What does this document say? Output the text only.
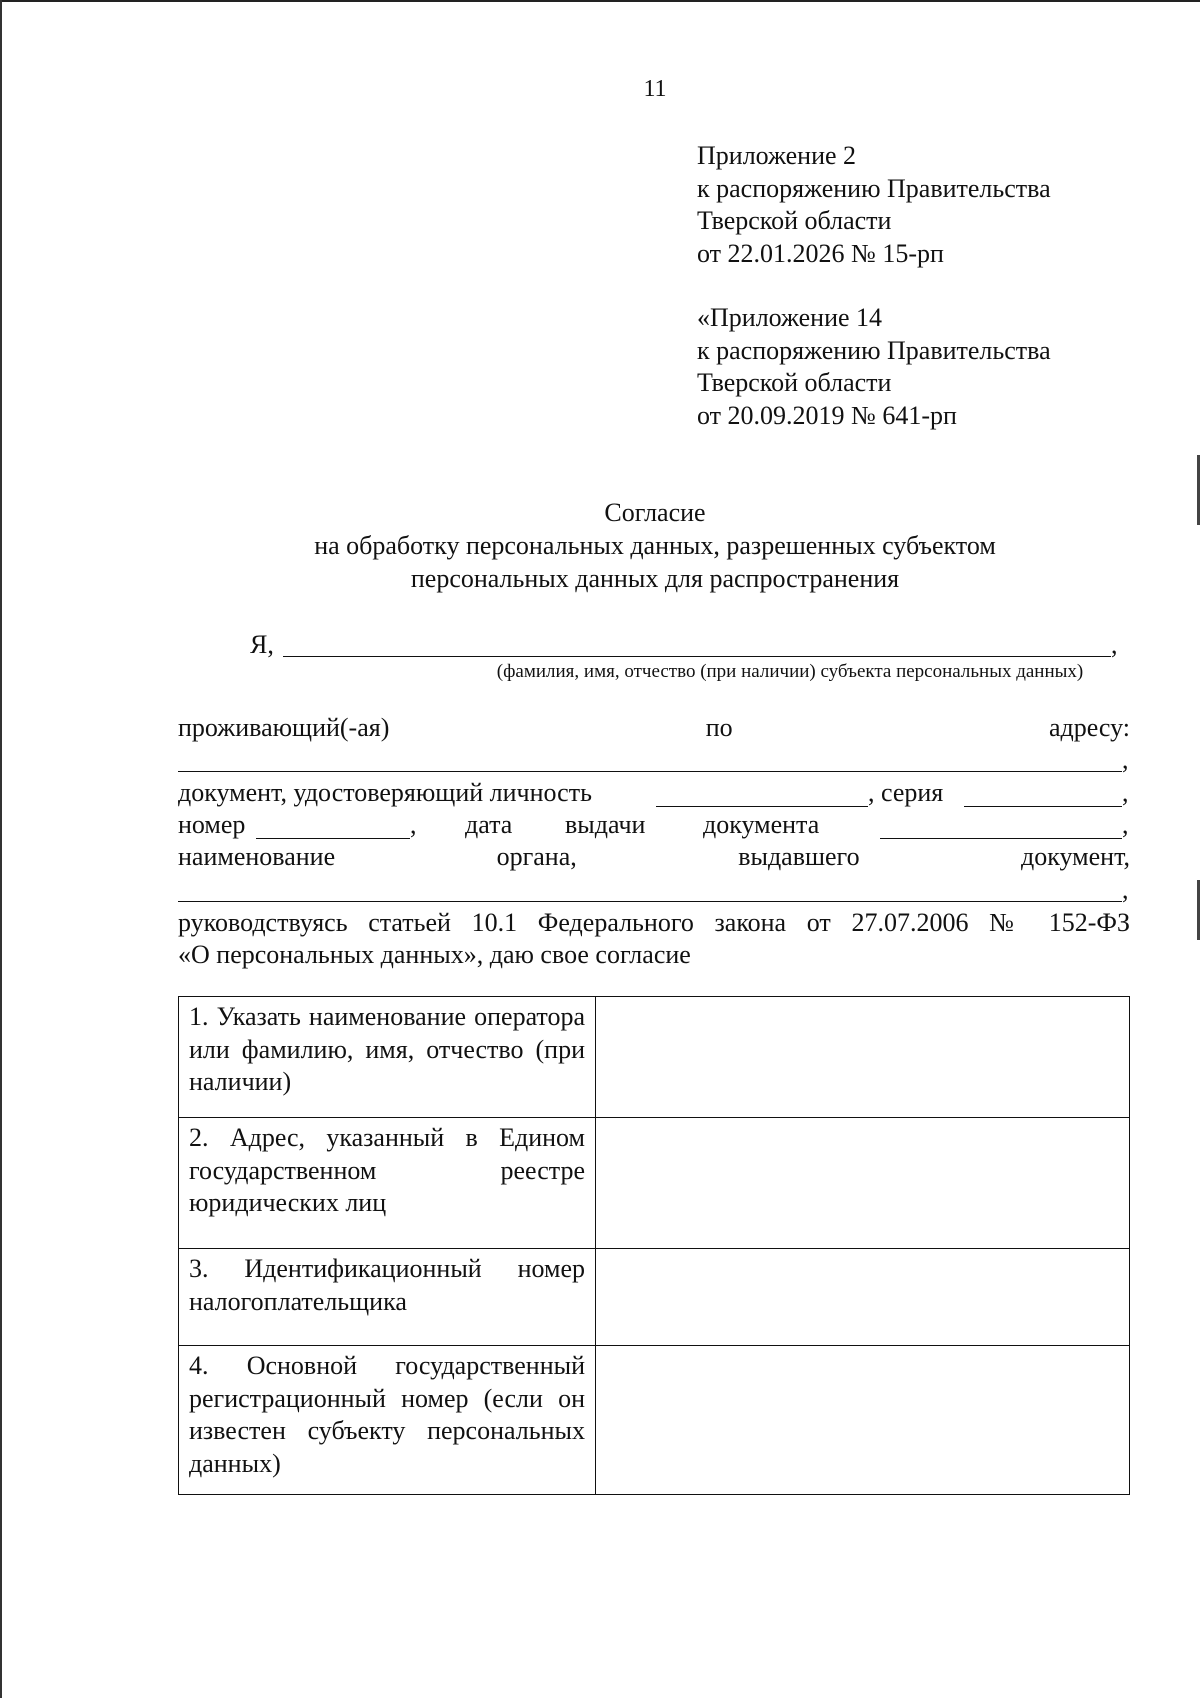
11
Приложение 2
к распоряжению Правительства
Тверской области
от 22.01.2026 № 15-рп
«Приложение 14
к распоряжению Правительства
Тверской области
от 20.09.2019 № 641-рп
Согласие
на обработку персональных данных, разрешенных субъектом
персональных данных для распространения
Я,	,
(фамилия, имя, отчество (при наличии) субъекта персональных данных)
проживающий(-ая)	по	адресу:
,
документ, удостоверяющий личность	, серия	,
номер	, дата выдачи документа	,
наименование	органа,	выдавшего	документ,
,
руководствуясь статьей 10.1 Федерального закона от 27.07.2006 № 152-ФЗ
«О персональных данных», даю свое согласие
1. Указать наименование оператора или фамилию, имя, отчество (при наличии)	

2. Адрес, указанный в Едином государственном реестре юридических лиц	

3. Идентификационный номер налогоплательщика	

4. Основной государственный регистрационный номер (если он известен субъекту персональных данных)	
